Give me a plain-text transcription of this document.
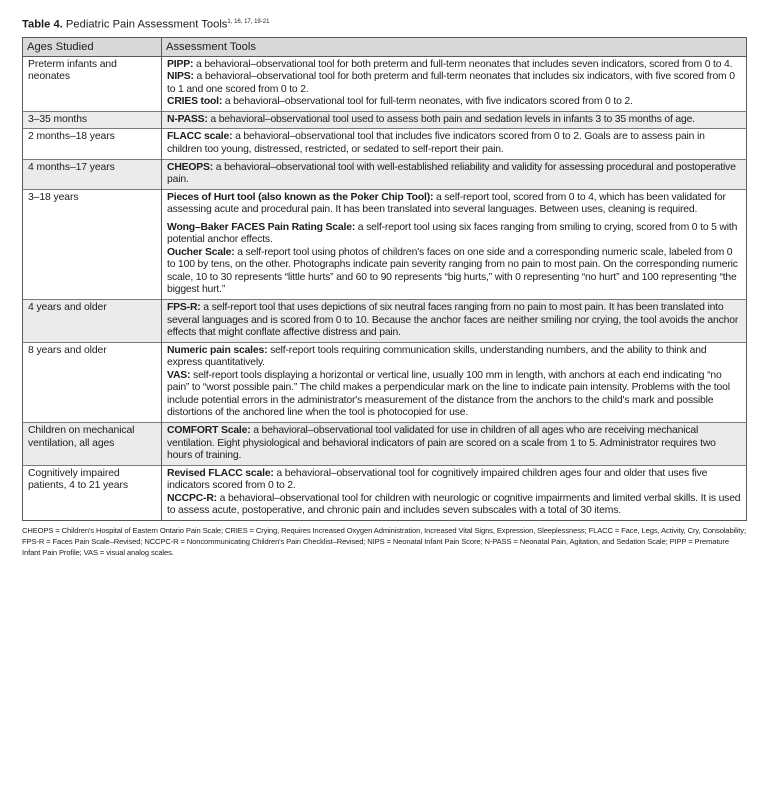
Table 4. Pediatric Pain Assessment Tools$^{1, 16, 17, 19-21}$
Ages Studied	Assessment Tools
Preterm infants and neonates	PIPP: a behavioral–observational tool for both preterm and full-term neonates that includes seven indicators, scored from 0 to 4.
NIPS: a behavioral–observational tool for both preterm and full-term neonates that includes six indicators, with five scored from 0 to 1 and one scored from 0 to 2.
CRIES tool: a behavioral–observational tool for full-term neonates, with five indicators scored from 0 to 2.

3–35 months	N-PASS: a behavioral–observational tool used to assess both pain and sedation levels in infants 3 to 35 months of age.

2 months–18 years	FLACC scale: a behavioral–observational tool that includes five indicators scored from 0 to 2. Goals are to assess pain in children too young, distressed, restricted, or sedated to self-report their pain.

4 months–17 years	CHEOPS: a behavioral–observational tool with well-established reliability and validity for assessing procedural and postoperative pain.

3–18 years	Pieces of Hurt tool (also known as the Poker Chip Tool): a self-report tool, scored from 0 to 4, which has been validated for assessing acute and procedural pain. It has been translated into several languages. Between uses, cleaning is required.
Wong–Baker FACES Pain Rating Scale: a self-report tool using six faces ranging from smiling to crying, scored from 0 to 5 with potential anchor effects.
Oucher Scale: a self-report tool using photos of children's faces on one side and a corresponding numeric scale, labeled from 0 to 100 by tens, on the other. Photographs indicate pain severity ranging from no pain to most pain. On the corresponding numeric scale, 10 to 30 represents “little hurts” and 60 to 90 represents “big hurts,” with 0 representing “no hurt” and 100 representing “the biggest hurt.”

4 years and older	FPS-R: a self-report tool that uses depictions of six neutral faces ranging from no pain to most pain. It has been translated into several languages and is scored from 0 to 10. Because the anchor faces are neither smiling nor crying, the tool avoids the anchor effects that might conflate affective distress and pain.

8 years and older	Numeric pain scales: self-report tools requiring communication skills, understanding numbers, and the ability to think and express quantitatively.
VAS: self-report tools displaying a horizontal or vertical line, usually 100 mm in length, with anchors at each end indicating “no pain” to “worst possible pain.” The child makes a perpendicular mark on the line to indicate pain intensity. Problems with the tool include potential errors in the administrator's measurement of the distance from the anchors to the child's mark and possible distortions of the anchored line when the tool is photocopied for use.

Children on mechanical ventilation, all ages	COMFORT Scale: a behavioral–observational tool validated for use in children of all ages who are receiving mechanical ventilation. Eight physiological and behavioral indicators of pain are scored on a scale from 1 to 5. Administrator requires two hours of training.

Cognitively impaired patients, 4 to 21 years	Revised FLACC scale: a behavioral–observational tool for cognitively impaired children ages four and older that uses five indicators scored from 0 to 2.
NCCPC-R: a behavioral–observational tool for children with neurologic or cognitive impairments and limited verbal skills. It is used to assess acute, postoperative, and chronic pain and includes seven subscales with a total of 30 items.
CHEOPS = Children's Hospital of Eastern Ontario Pain Scale; CRIES = Crying, Requires Increased Oxygen Administration, Increased Vital Signs, Expression, Sleeplessness; FLACC = Face, Legs, Activity, Cry, Consolability; FPS-R = Faces Pain Scale–Revised; NCCPC-R = Noncommunicating Children's Pain Checklist–Revised; NIPS = Neonatal Infant Pain Score; N-PASS = Neonatal Pain, Agitation, and Sedation Scale; PIPP = Premature Infant Pain Profile; VAS = visual analog scales.
